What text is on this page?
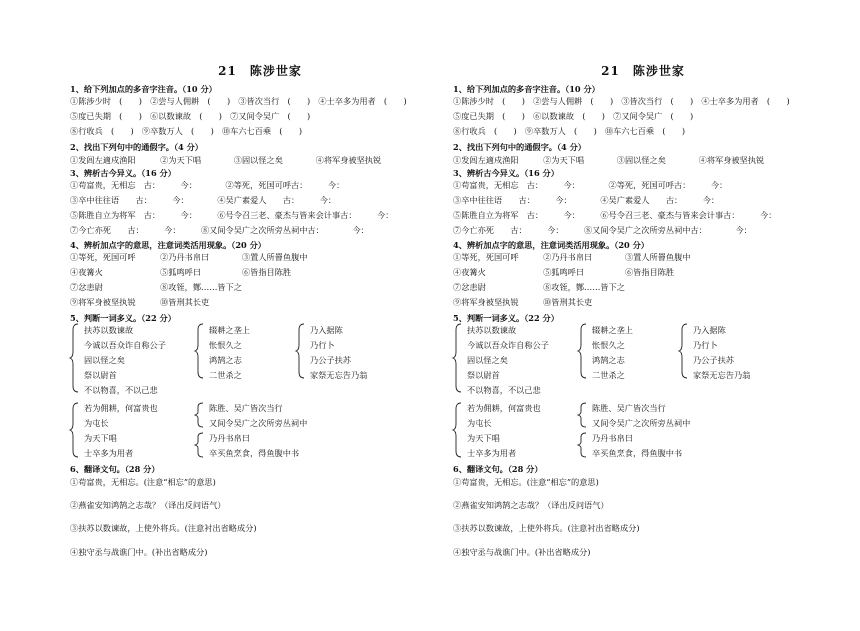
21　陈涉世家
1、给下列加点的多音字注音。（10 分）
①陈涉少时　(　　)　②尝与人佣耕　(　　)　③皆次当行　(　　)　④士卒多为用者　(　　)
⑤度已失期　(　　)　⑥以数谏故　(　　)　⑦又间令吴广　(　　)
⑧行收兵　(　　)　⑨卒数万人　(　　)　⑩车六七百乘　(　　)
2、找出下列句中的通假字。（4 分）
①发闾左適戍渔阳　　　②为天下唱　　　　③固以怪之矣　　　　④将军身被坚执锐
3、辨析古今异义。（16 分）
①苟富贵，无相忘　古：　　　今：　　　　②等死，死国可呼古：　　　今：
③卒中往往语　　古：　　　今：　　　　④吴广素爱人　　古：　　　今：
⑤陈胜自立为将军　古：　　　今：　　　⑥号令召三老、豪杰与皆来会计事古：　　　今：
⑦今亡亦死　　古：　　　今：　　　⑧又间令吴广之次所旁丛祠中古：　　　　今：
4、辨析加点字的意思，注意词类活用现象。（20 分）
①等死，死国可呼　　　②乃丹书帛曰　　　　③置人所罾鱼腹中
④夜篝火　　　　　　　⑤狐鸣呼曰　　　　　⑥皆指目陈胜
⑦忿恚尉　　　　　　　⑧攻铚，酂……皆下之
⑨将军身被坚执锐　　　⑩皆刑其长吏
5、判断一词多义。（22 分）
扶苏以数谏故
今诚以吾众诈自称公子
固以怪之矣
祭以尉首
不以物喜，不以己悲
辍耕之垄上
怅恨久之
鸿鹄之志
二世杀之
乃入据陈
乃行卜
乃公子扶苏
家祭无忘告乃翁
若为佣耕，何富贵也
为屯长
为天下唱
士卒多为用者
陈胜、吴广皆次当行
又间令吴广之次所旁丛祠中
乃丹书帛曰
卒买鱼烹食，得鱼腹中书
6、翻译文句。（28 分）
①苟富贵，无相忘。(注意“相忘”的意思)
②燕雀安知鸿鹄之志哉？（译出反问语气）
③扶苏以数谏故，上使外将兵。(注意衬出省略成分)
④独守丞与战谯门中。(补出省略成分)
21　陈涉世家
1、给下列加点的多音字注音。（10 分）
①陈涉少时　(　　)　②尝与人佣耕　(　　)　③皆次当行　(　　)　④士卒多为用者　(　　)
⑤度已失期　(　　)　⑥以数谏故　(　　)　⑦又间令吴广　(　　)
⑧行收兵　(　　)　⑨卒数万人　(　　)　⑩车六七百乘　(　　)
2、找出下列句中的通假字。（4 分）
①发闾左適戍渔阳　　　②为天下唱　　　　③固以怪之矣　　　　④将军身被坚执锐
3、辨析古今异义。（16 分）
①苟富贵，无相忘　古：　　　今：　　　　②等死，死国可呼古：　　　今：
③卒中往往语　　古：　　　今：　　　　④吴广素爱人　　古：　　　今：
⑤陈胜自立为将军　古：　　　今：　　　⑥号令召三老、豪杰与皆来会计事古：　　　今：
⑦今亡亦死　　古：　　　今：　　　⑧又间令吴广之次所旁丛祠中古：　　　　今：
4、辨析加点字的意思，注意词类活用现象。（20 分）
①等死，死国可呼　　　②乃丹书帛曰　　　　③置人所罾鱼腹中
④夜篝火　　　　　　　⑤狐鸣呼曰　　　　　⑥皆指目陈胜
⑦忿恚尉　　　　　　　⑧攻铚，酂……皆下之
⑨将军身被坚执锐　　　⑩皆刑其长吏
5、判断一词多义。（22 分）
扶苏以数谏故
今诚以吾众诈自称公子
固以怪之矣
祭以尉首
不以物喜，不以己悲
辍耕之垄上
怅恨久之
鸿鹄之志
二世杀之
乃入据陈
乃行卜
乃公子扶苏
家祭无忘告乃翁
若为佣耕，何富贵也
为屯长
为天下唱
士卒多为用者
陈胜、吴广皆次当行
又间令吴广之次所旁丛祠中
乃丹书帛曰
卒买鱼烹食，得鱼腹中书
6、翻译文句。（28 分）
①苟富贵，无相忘。(注意“相忘”的意思)
②燕雀安知鸿鹄之志哉？（译出反问语气）
③扶苏以数谏故，上使外将兵。(注意衬出省略成分)
④独守丞与战谯门中。(补出省略成分)
